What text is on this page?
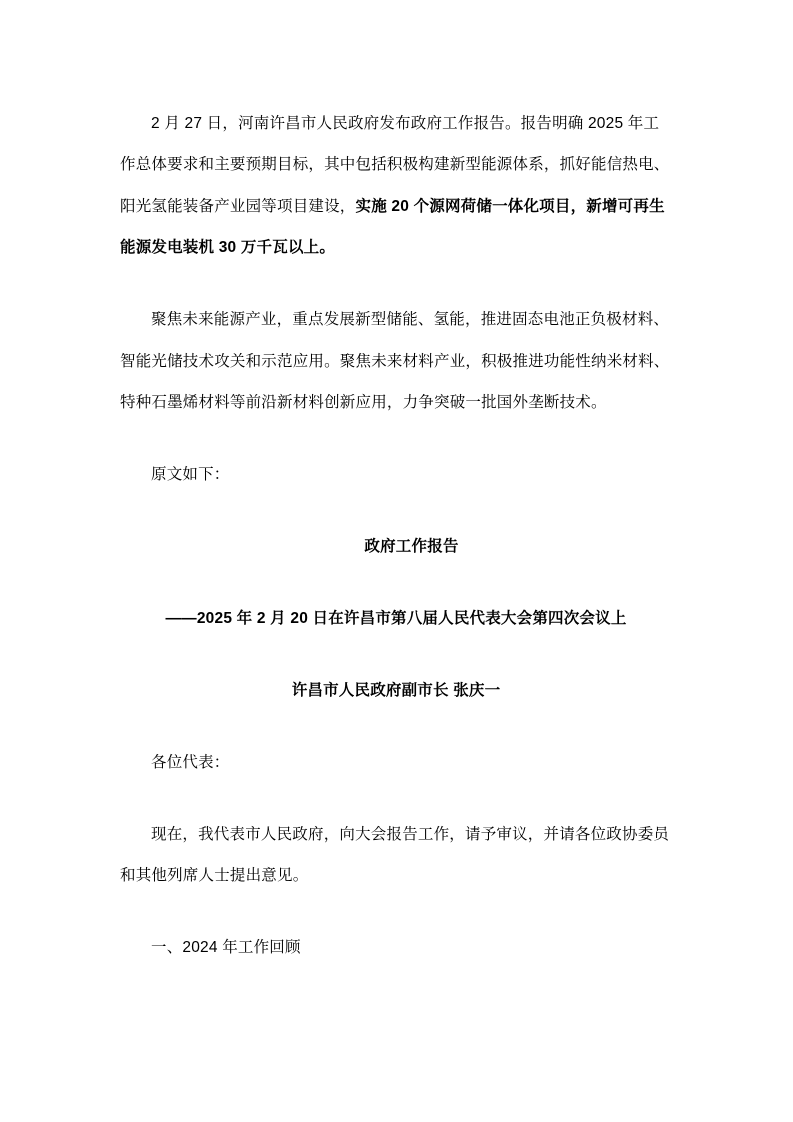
2 月 27 日，河南许昌市人民政府发布政府工作报告。报告明确 2025 年工
作总体要求和主要预期目标，其中包括积极构建新型能源体系，抓好能信热电、
阳光氢能装备产业园等项目建设，实施 20 个源网荷储一体化项目，新增可再生
能源发电装机 30 万千瓦以上。

聚焦未来能源产业，重点发展新型储能、氢能，推进固态电池正负极材料、
智能光储技术攻关和示范应用。聚焦未来材料产业，积极推进功能性纳米材料、
特种石墨烯材料等前沿新材料创新应用，力争突破一批国外垄断技术。

原文如下：

政府工作报告

——2025 年 2 月 20 日在许昌市第八届人民代表大会第四次会议上

许昌市人民政府副市长 张庆一

各位代表：

现在，我代表市人民政府，向大会报告工作，请予审议，并请各位政协委员
和其他列席人士提出意见。

一、2024 年工作回顾
